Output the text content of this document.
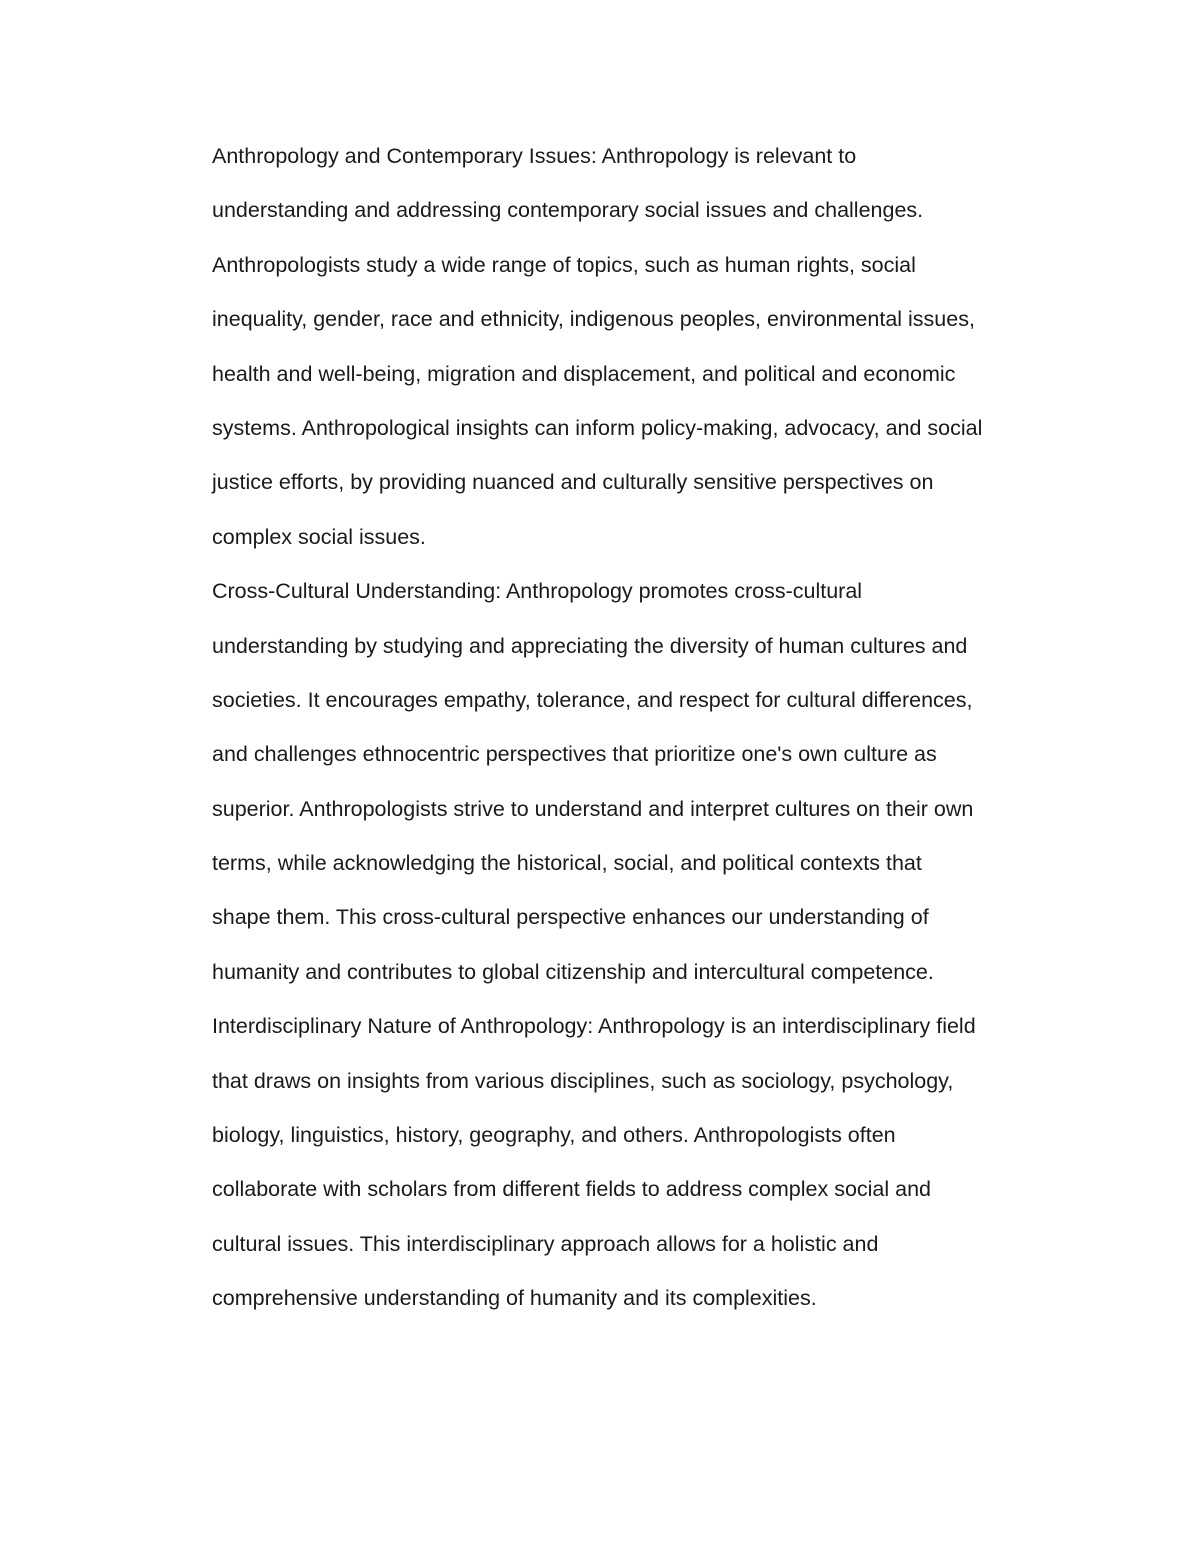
Anthropology and Contemporary Issues: Anthropology is relevant to
understanding and addressing contemporary social issues and challenges.
Anthropologists study a wide range of topics, such as human rights, social
inequality, gender, race and ethnicity, indigenous peoples, environmental issues,
health and well-being, migration and displacement, and political and economic
systems. Anthropological insights can inform policy-making, advocacy, and social
justice efforts, by providing nuanced and culturally sensitive perspectives on
complex social issues.
Cross-Cultural Understanding: Anthropology promotes cross-cultural
understanding by studying and appreciating the diversity of human cultures and
societies. It encourages empathy, tolerance, and respect for cultural differences,
and challenges ethnocentric perspectives that prioritize one's own culture as
superior. Anthropologists strive to understand and interpret cultures on their own
terms, while acknowledging the historical, social, and political contexts that
shape them. This cross-cultural perspective enhances our understanding of
humanity and contributes to global citizenship and intercultural competence.
Interdisciplinary Nature of Anthropology: Anthropology is an interdisciplinary field
that draws on insights from various disciplines, such as sociology, psychology,
biology, linguistics, history, geography, and others. Anthropologists often
collaborate with scholars from different fields to address complex social and
cultural issues. This interdisciplinary approach allows for a holistic and
comprehensive understanding of humanity and its complexities.
